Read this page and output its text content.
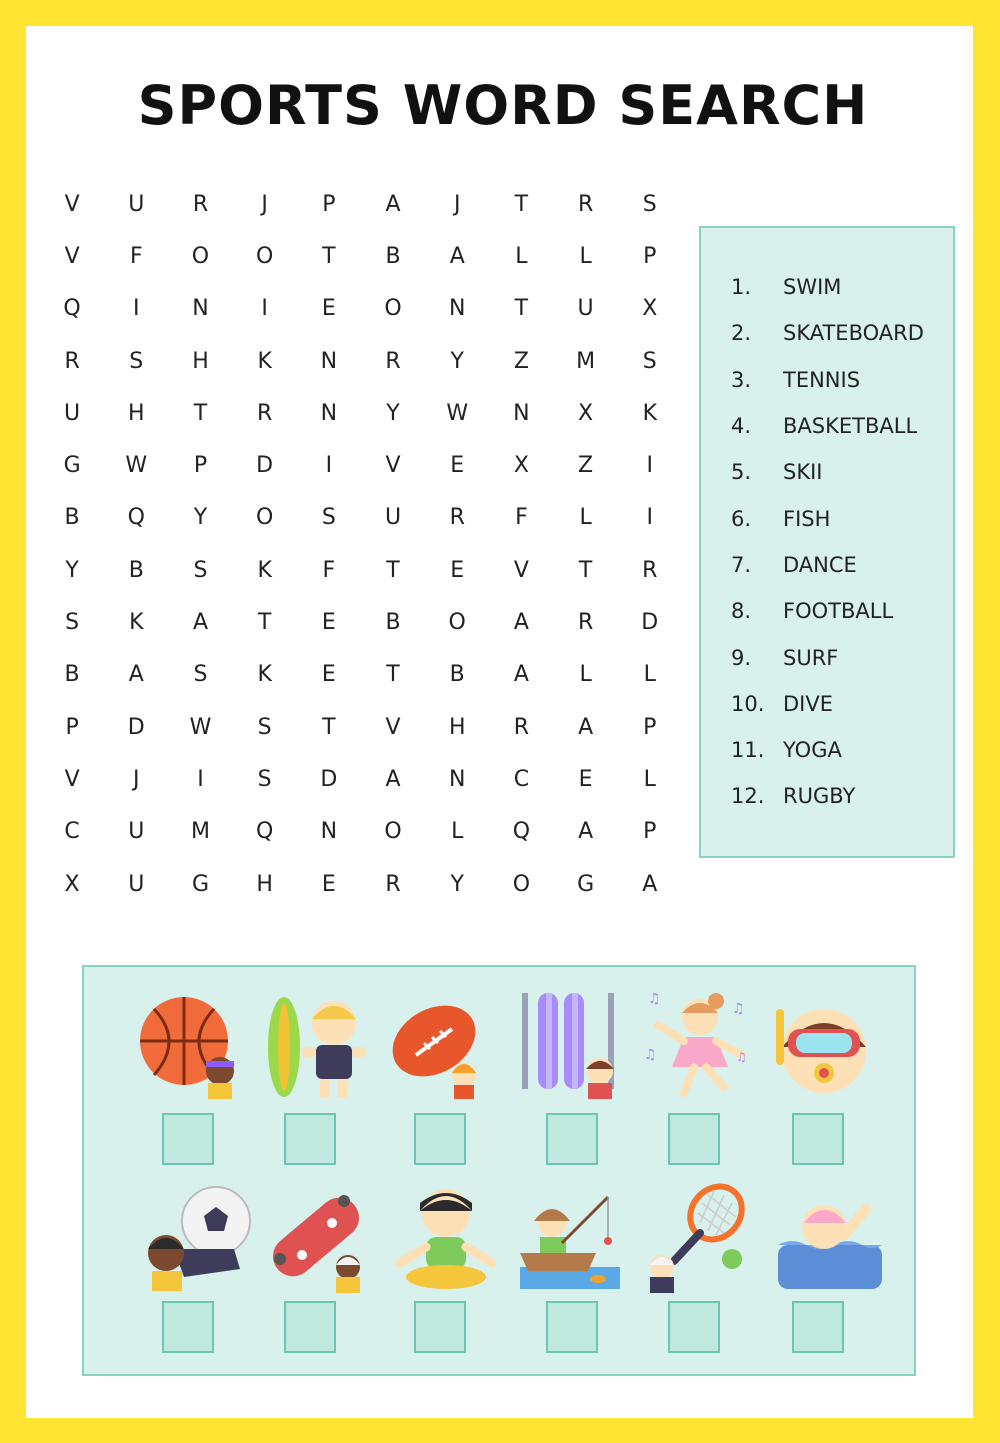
SPORTS WORD SEARCH
V	U	R	J	P	A	J	T	R	S
V	F	O	O	T	B	A	L	L	P
Q	I	N	I	E	O	N	T	U	X
R	S	H	K	N	R	Y	Z	M	S
U	H	T	R	N	Y	W	N	X	K
G	W	P	D	I	V	E	X	Z	I
B	Q	Y	O	S	U	R	F	L	I
Y	B	S	K	F	T	E	V	T	R
S	K	A	T	E	B	O	A	R	D
B	A	S	K	E	T	B	A	L	L
P	D	W	S	T	V	H	R	A	P
V	J	I	S	D	A	N	C	E	L
C	U	M	Q	N	O	L	Q	A	P
X	U	G	H	E	R	Y	O	G	A
1.	SWIM
2.	SKATEBOARD
3.	TENNIS
4.	BASKETBALL
5.	SKII
6.	FISH
7.	DANCE
8.	FOOTBALL
9.	SURF
10. DIVE
11. YOGA
12. RUGBY
♫
♫
♫	♫
